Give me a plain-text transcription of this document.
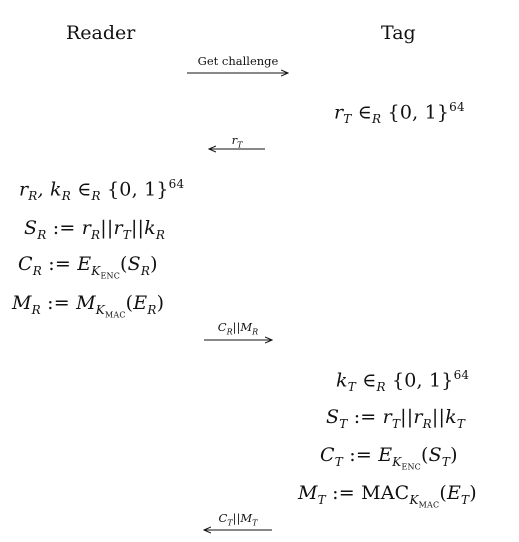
Reader	Tag
Get challenge
$r_T$
$C_R||M_R$
$C_T||M_T$
$r_T$ $\in_R$ {0, 1}$^{64}$
$r_R$, $k_R$ $\in_R$ {0, 1}$^{64}$
$S_R$ := $r_R||r_T||k_R$
$C_R$ := $E_{K_{ENC}}(S_R)$
$M_R$ := $M_{K_{MAC}}(E_R)$
$k_T$ $\in_R$ {0, 1}$^{64}$
$S_T$ := $r_T||r_R||k_T$
$C_T$ := $E_{K_{ENC}}(S_T)$
$M_T$ := $MAC_{K_{MAC}}(E_T)$
